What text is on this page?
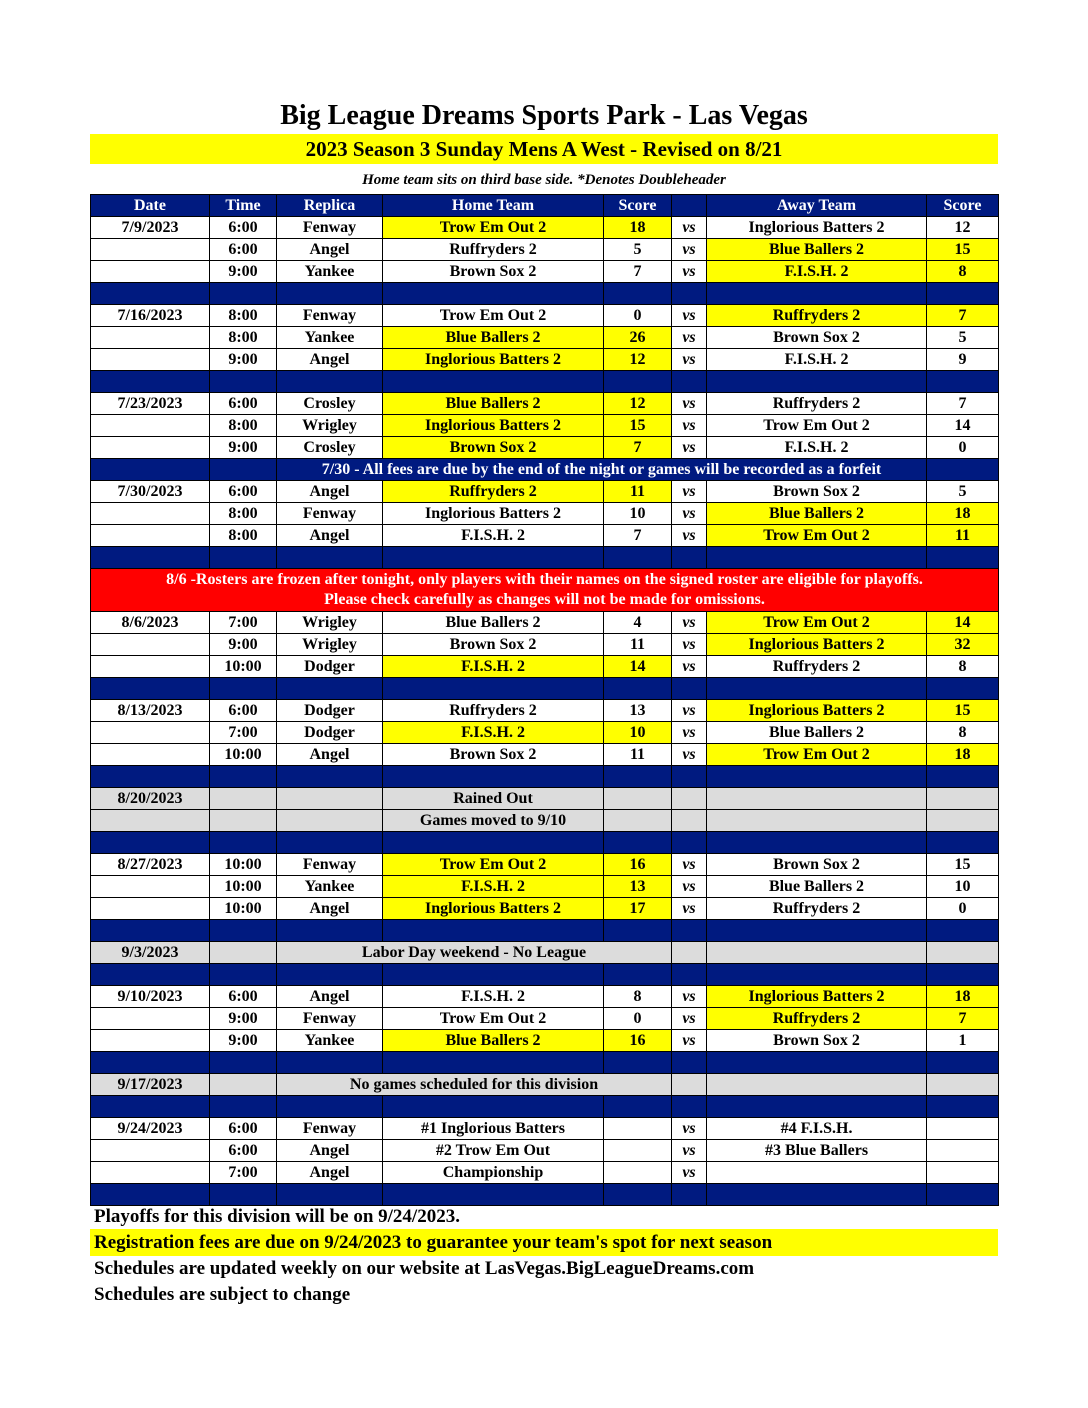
Big League Dreams Sports Park - Las Vegas
2023 Season 3 Sunday Mens A West - Revised on 8/21
Home team sits on third base side. *Denotes Doubleheader
Date	Time	Replica	Home Team	Score		Away Team	Score
7/9/2023	6:00	Fenway	Trow Em Out 2	18	vs	Inglorious Batters 2	12
	6:00	Angel	Ruffryders 2	5	vs	Blue Ballers 2	15
	9:00	Yankee	Brown Sox 2	7	vs	F.I.S.H. 2	8

7/16/2023	8:00	Fenway	Trow Em Out 2	0	vs	Ruffryders 2	7
	8:00	Yankee	Blue Ballers 2	26	vs	Brown Sox 2	5
	9:00	Angel	Inglorious Batters 2	12	vs	F.I.S.H. 2	9

7/23/2023	6:00	Crosley	Blue Ballers 2	12	vs	Ruffryders 2	7
	8:00	Wrigley	Inglorious Batters 2	15	vs	Trow Em Out 2	14
	9:00	Crosley	Brown Sox 2	7	vs	F.I.S.H. 2	0
		7/30 - All fees are due by the end of the night or games will be recorded as a forfeit					
7/30/2023	6:00	Angel	Ruffryders 2	11	vs	Brown Sox 2	5
	8:00	Fenway	Inglorious Batters 2	10	vs	Blue Ballers 2	18
	8:00	Angel	F.I.S.H. 2	7	vs	Trow Em Out 2	11

8/6 -Rosters are frozen after tonight, only players with their names on the signed roster are eligible for playoffs.
Please check carefully as changes will not be made for omissions.							

8/6/2023	7:00	Wrigley	Blue Ballers 2	4	vs	Trow Em Out 2	14
	9:00	Wrigley	Brown Sox 2	11	vs	Inglorious Batters 2	32
	10:00	Dodger	F.I.S.H. 2	14	vs	Ruffryders 2	8

8/13/2023	6:00	Dodger	Ruffryders 2	13	vs	Inglorious Batters 2	15
	7:00	Dodger	F.I.S.H. 2	10	vs	Blue Ballers 2	8
	10:00	Angel	Brown Sox 2	11	vs	Trow Em Out 2	18

8/20/2023			Rained Out				
			Games moved to 9/10				

8/27/2023	10:00	Fenway	Trow Em Out 2	16	vs	Brown Sox 2	15
	10:00	Yankee	F.I.S.H. 2	13	vs	Blue Ballers 2	10
	10:00	Angel	Inglorious Batters 2	17	vs	Ruffryders 2	0

9/3/2023		Labor Day weekend - No League					

9/10/2023	6:00	Angel	F.I.S.H. 2	8	vs	Inglorious Batters 2	18
	9:00	Fenway	Trow Em Out 2	0	vs	Ruffryders 2	7
	9:00	Yankee	Blue Ballers 2	16	vs	Brown Sox 2	1

9/17/2023		No games scheduled for this division					

9/24/2023	6:00	Fenway	#1 Inglorious Batters		vs	#4 F.I.S.H.	
	6:00	Angel	#2 Trow Em Out		vs	#3 Blue Ballers	
	7:00	Angel	Championship		vs		

Playoffs for this division will be on 9/24/2023.
Registration fees are due on 9/24/2023 to guarantee your team's spot for next season
Schedules are updated weekly on our website at LasVegas.BigLeagueDreams.com
Schedules are subject to change
